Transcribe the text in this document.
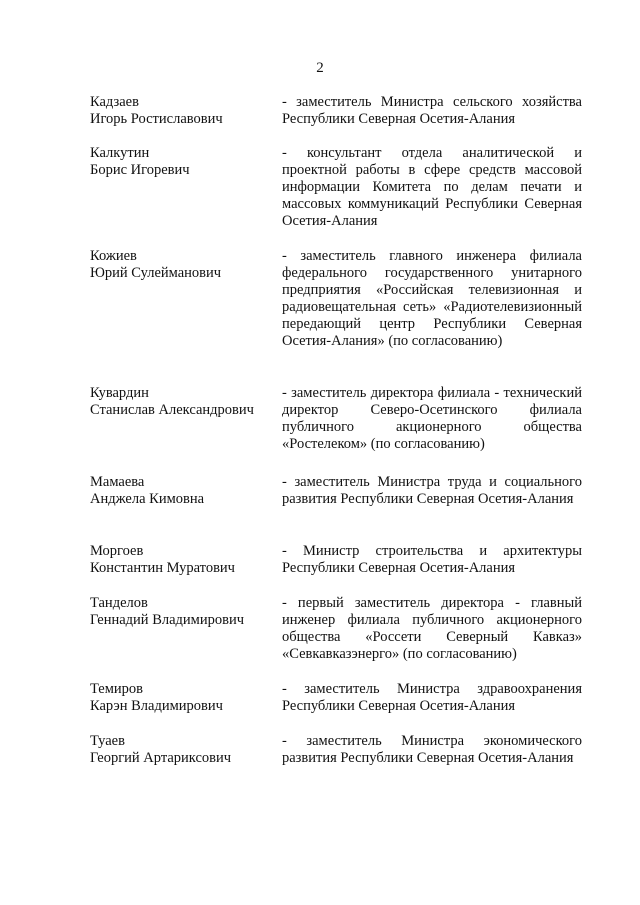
2
Кадзаев
Игорь Ростиславович
- заместитель Министра сельского хозяйства Республики Северная Осетия-Алания
Калкутин
Борис Игоревич
- консультант отдела аналитической и проектной работы в сфере средств массовой информации Комитета по делам печати и массовых коммуникаций Республики Северная Осетия-Алания
Кожиев
Юрий Сулейманович
- заместитель главного инженера филиала федерального государственного унитарного предприятия «Российская телевизионная и радиовещательная сеть» «Радиотелевизионный передающий центр Республики Северная Осетия-Алания» (по согласованию)
Кувардин
Станислав Александрович
- заместитель директора филиала - технический директор Северо-Осетинского филиала публичного акционерного общества «Ростелеком» (по согласованию)
Мамаева
Анджела Кимовна
- заместитель Министра труда и социального развития Республики Северная Осетия-Алания
Моргоев
Константин Муратович
- Министр строительства и архитектуры Республики Северная Осетия-Алания
Танделов
Геннадий Владимирович
- первый заместитель директора - главный инженер филиала публичного акционерного общества «Россети Северный Кавказ» «Севкавказэнерго» (по согласованию)
Темиров
Карэн Владимирович
- заместитель Министра здравоохранения Республики Северная Осетия-Алания
Туаев
Георгий Артариксович
- заместитель Министра экономического развития Республики Северная Осетия-Алания
